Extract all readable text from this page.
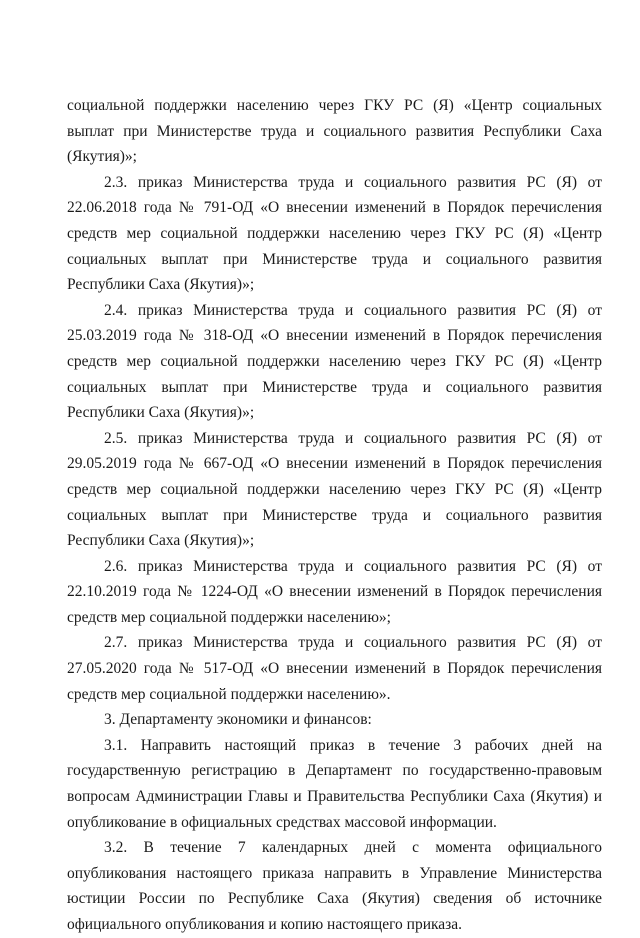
социальной поддержки населению через ГКУ РС (Я) «Центр социальных выплат при Министерстве труда и социального развития Республики Саха (Якутия)»;

2.3. приказ Министерства труда и социального развития РС (Я) от 22.06.2018 года № 791-ОД «О внесении изменений в Порядок перечисления средств мер социальной поддержки населению через ГКУ РС (Я) «Центр социальных выплат при Министерстве труда и социального развития Республики Саха (Якутия)»;

2.4. приказ Министерства труда и социального развития РС (Я) от 25.03.2019 года № 318-ОД «О внесении изменений в Порядок перечисления средств мер социальной поддержки населению через ГКУ РС (Я) «Центр социальных выплат при Министерстве труда и социального развития Республики Саха (Якутия)»;

2.5. приказ Министерства труда и социального развития РС (Я) от 29.05.2019 года № 667-ОД «О внесении изменений в Порядок перечисления средств мер социальной поддержки населению через ГКУ РС (Я) «Центр социальных выплат при Министерстве труда и социального развития Республики Саха (Якутия)»;

2.6. приказ Министерства труда и социального развития РС (Я) от 22.10.2019 года № 1224-ОД «О внесении изменений в Порядок перечисления средств мер социальной поддержки населению»;

2.7. приказ Министерства труда и социального развития РС (Я) от 27.05.2020 года № 517-ОД «О внесении изменений в Порядок перечисления средств мер социальной поддержки населению».

3. Департаменту экономики и финансов:

3.1. Направить настоящий приказ в течение 3 рабочих дней на государственную регистрацию в Департамент по государственно-правовым вопросам Администрации Главы и Правительства Республики Саха (Якутия) и опубликование в официальных средствах массовой информации.

3.2. В течение 7 календарных дней с момента официального опубликования настоящего приказа направить в Управление Министерства юстиции России по Республике Саха (Якутия) сведения об источнике официального опубликования и копию настоящего приказа.
